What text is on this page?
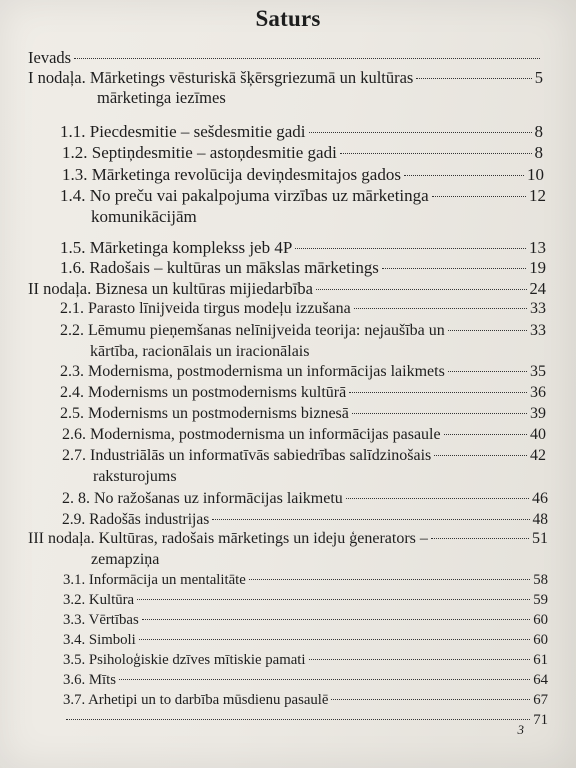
Saturs
Ievads
I nodaļa. Mārketings vēsturiskā šķērsgriezumā un kultūras	5
mārketinga iezīmes
1.1. Piecdesmitie – sešdesmitie gadi	8
1.2. Septiņdesmitie – astoņdesmitie gadi	8
1.3. Mārketinga revolūcija deviņdesmitajos gados	10
1.4. No preču vai pakalpojuma virzības uz mārketinga	12
komunikācijām
1.5. Mārketinga komplekss jeb 4P	13
1.6. Radošais – kultūras un mākslas mārketings	19
II nodaļa. Biznesa un kultūras mijiedarbība	24
2.1. Parasto līnijveida tirgus modeļu izzušana	33
2.2. Lēmumu pieņemšanas nelīnijveida teorija: nejaušība un	33
kārtība, racionālais un iracionālais
2.3. Modernisma, postmodernisma un informācijas laikmets	35
2.4. Modernisms un postmodernisms kultūrā	36
2.5. Modernisms un postmodernisms biznesā	39
2.6. Modernisma, postmodernisma un informācijas pasaule	40
2.7. Industriālās un informatīvās sabiedrības salīdzinošais	42
raksturojums
2. 8. No ražošanas uz informācijas laikmetu	46
2.9. Radošās industrijas	48
III nodaļa. Kultūras, radošais mārketings un ideju ģenerators –	51
zemapziņa
3.1. Informācija un mentalitāte	58
3.2. Kultūra	59
3.3. Vērtības	60
3.4. Simboli	60
3.5. Psiholoģiskie dzīves mītiskie pamati	61
3.6. Mīts	64
3.7. Arhetipi un to darbība mūsdienu pasaulē	67
71
3
